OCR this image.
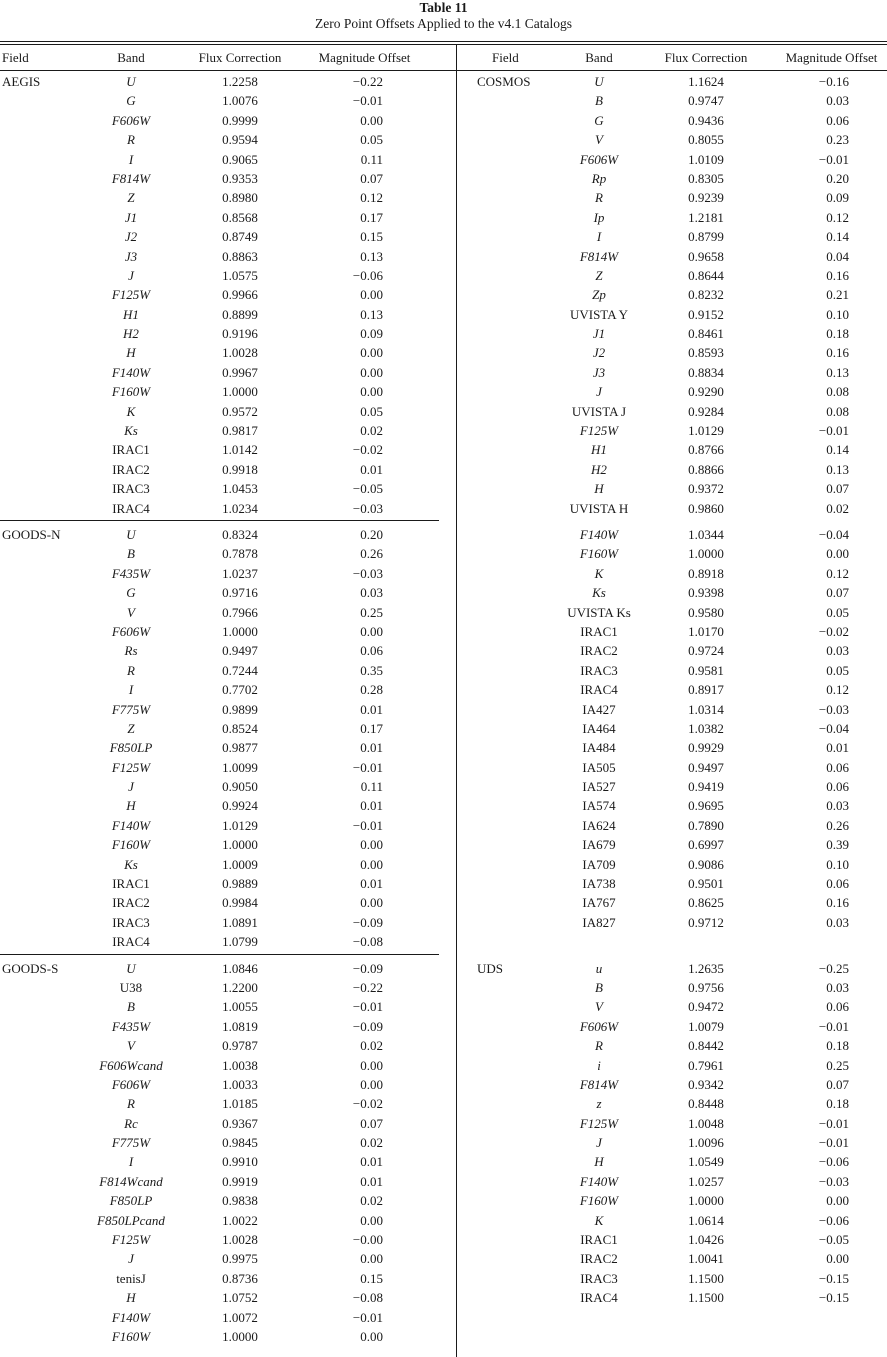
Table 11
Zero Point Offsets Applied to the v4.1 Catalogs
Field	Band	Flux Correction	Magnitude Offset
AEGIS	U	1.2258	−0.22
G	1.0076	−0.01
F606W	0.9999	0.00
R	0.9594	0.05
I	0.9065	0.11
F814W	0.9353	0.07
Z	0.8980	0.12
J1	0.8568	0.17
J2	0.8749	0.15
J3	0.8863	0.13
J	1.0575	−0.06
F125W	0.9966	0.00
H1	0.8899	0.13
H2	0.9196	0.09
H	1.0028	0.00
F140W	0.9967	0.00
F160W	1.0000	0.00
K	0.9572	0.05
Ks	0.9817	0.02
IRAC1	1.0142	−0.02
IRAC2	0.9918	0.01
IRAC3	1.0453	−0.05
IRAC4	1.0234	−0.03
GOODS-N	U	0.8324	0.20
B	0.7878	0.26
F435W	1.0237	−0.03
G	0.9716	0.03
V	0.7966	0.25
F606W	1.0000	0.00
Rs	0.9497	0.06
R	0.7244	0.35
I	0.7702	0.28
F775W	0.9899	0.01
Z	0.8524	0.17
F850LP	0.9877	0.01
F125W	1.0099	−0.01
J	0.9050	0.11
H	0.9924	0.01
F140W	1.0129	−0.01
F160W	1.0000	0.00
Ks	1.0009	0.00
IRAC1	0.9889	0.01
IRAC2	0.9984	0.00
IRAC3	1.0891	−0.09
IRAC4	1.0799	−0.08
GOODS-S	U	1.0846	−0.09
U38	1.2200	−0.22
B	1.0055	−0.01
F435W	1.0819	−0.09
V	0.9787	0.02
F606Wcand	1.0038	0.00
F606W	1.0033	0.00
R	1.0185	−0.02
Rc	0.9367	0.07
F775W	0.9845	0.02
I	0.9910	0.01
F814Wcand	0.9919	0.01
F850LP	0.9838	0.02
F850LPcand	1.0022	0.00
F125W	1.0028	−0.00
J	0.9975	0.00
tenisJ	0.8736	0.15
H	1.0752	−0.08
F140W	1.0072	−0.01
F160W	1.0000	0.00
Field	Band	Flux Correction	Magnitude Offset
COSMOS	U	1.1624	−0.16
B	0.9747	0.03
G	0.9436	0.06
V	0.8055	0.23
F606W	1.0109	−0.01
Rp	0.8305	0.20
R	0.9239	0.09
Ip	1.2181	0.12
I	0.8799	0.14
F814W	0.9658	0.04
Z	0.8644	0.16
Zp	0.8232	0.21
UVISTA Y	0.9152	0.10
J1	0.8461	0.18
J2	0.8593	0.16
J3	0.8834	0.13
J	0.9290	0.08
UVISTA J	0.9284	0.08
F125W	1.0129	−0.01
H1	0.8766	0.14
H2	0.8866	0.13
H	0.9372	0.07
UVISTA H	0.9860	0.02
F140W	1.0344	−0.04
F160W	1.0000	0.00
K	0.8918	0.12
Ks	0.9398	0.07
UVISTA Ks	0.9580	0.05
IRAC1	1.0170	−0.02
IRAC2	0.9724	0.03
IRAC3	0.9581	0.05
IRAC4	0.8917	0.12
IA427	1.0314	−0.03
IA464	1.0382	−0.04
IA484	0.9929	0.01
IA505	0.9497	0.06
IA527	0.9419	0.06
IA574	0.9695	0.03
IA624	0.7890	0.26
IA679	0.6997	0.39
IA709	0.9086	0.10
IA738	0.9501	0.06
IA767	0.8625	0.16
IA827	0.9712	0.03
UDS	u	1.2635	−0.25
B	0.9756	0.03
V	0.9472	0.06
F606W	1.0079	−0.01
R	0.8442	0.18
i	0.7961	0.25
F814W	0.9342	0.07
z	0.8448	0.18
F125W	1.0048	−0.01
J	1.0096	−0.01
H	1.0549	−0.06
F140W	1.0257	−0.03
F160W	1.0000	0.00
K	1.0614	−0.06
IRAC1	1.0426	−0.05
IRAC2	1.0041	0.00
IRAC3	1.1500	−0.15
IRAC4	1.1500	−0.15
